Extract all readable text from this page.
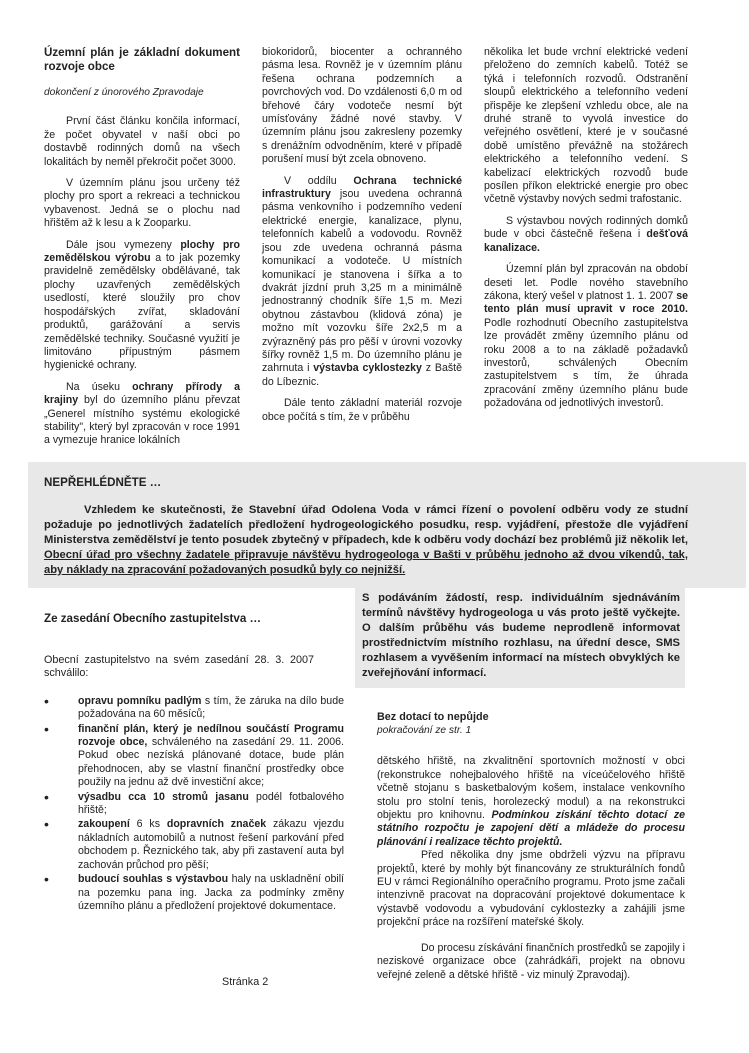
Územní plán je základní dokument rozvoje obce
dokončení z únorového Zpravodaje

První část článku končila informací, že počet obyvatel v naší obci po dostavbě rodinných domů na všech lokalitách by neměl překročit počet 3000.

V územním plánu jsou určeny též plochy pro sport a rekreaci a technickou vybavenost. Jedná se o plochu nad hřištěm až k lesu a k Zooparku.

Dále jsou vymezeny plochy pro zemědělskou výrobu a to jak pozemky pravidelně zemědělsky obdělávané, tak plochy uzavřených zemědělských usedlostí, které sloužily pro chov hospodářských zvířat, skladování produktů, garážování a servis zemědělské techniky. Současné využití je limitováno přípustným pásmem hygienické ochrany.

Na úseku ochrany přírody a krajiny byl do územního plánu převzat „Generel místního systému ekologické stability", který byl zpracován v roce 1991 a vymezuje hranice lokálních

biokoridorů, biocenter a ochranného pásma lesa. Rovněž je v územním plánu řešena ochrana podzemních a povrchových vod. Do vzdálenosti 6,0 m od břehové čáry vodoteče nesmí být umísťovány žádné nové stavby. V územním plánu jsou zakresleny pozemky s drenážním odvodněním, které v případě porušení musí být zcela obnoveno.

V oddílu Ochrana technické infrastruktury jsou uvedena ochranná pásma venkovního i podzemního vedení elektrické energie, kanalizace, plynu, telefonních kabelů a vodovodu. Rovněž jsou zde uvedena ochranná pásma komunikací a vodoteče. U místních komunikací je stanovena i šířka a to dvakrát jízdní pruh 3,25 m a minimálně jednostranný chodník šíře 1,5 m. Mezi obytnou zástavbou (klidová zóna) je možno mít vozovku šíře 2x2,5 m a zvýrazněný pás pro pěší v úrovni vozovky šířky rovněž 1,5 m. Do územního plánu je zahrnuta i výstavba cyklostezky z Baště do Líbeznic.

Dále tento základní materiál rozvoje obce počítá s tím, že v průběhu

několika let bude vrchní elektrické vedení přeloženo do zemních kabelů. Totéž se týká i telefonních rozvodů. Odstranění sloupů elektrického a telefonního vedení přispěje ke zlepšení vzhledu obce, ale na druhé straně to vyvolá investice do veřejného osvětlení, které je v současné době umístěno převážně na stožárech elektrického a telefonního vedení. S kabelizací elektrických rozvodů bude posílen příkon elektrické energie pro obec včetně výstavby nových sedmi trafostanic.

S výstavbou nových rodinných domků bude v obci částečně řešena i dešťová kanalizace.

Územní plán byl zpracován na období deseti let. Podle nového stavebního zákona, který vešel v platnost 1. 1. 2007 se tento plán musí upravit v roce 2010. Podle rozhodnutí Obecního zastupitelstva lze provádět změny územního plánu od roku 2008 a to na základě požadavků investorů, schválených Obecním zastupitelstvem s tím, že úhrada zpracování změny územního plánu bude požadována od jednotlivých investorů.

NEPŘEHLÉDNĚTE …

Vzhledem ke skutečnosti, že Stavební úřad Odolena Voda v rámci řízení o povolení odběru vody ze studní požaduje po jednotlivých žadatelích předložení hydrogeologického posudku, resp. vyjádření, přestože dle vyjádření Ministerstva zemědělství je tento posudek zbytečný v případech, kde k odběru vody dochází bez problémů již několik let, Obecní úřad pro všechny žadatele připravuje návštěvu hydrogeologa v Bašti v průběhu jednoho až dvou víkendů, tak, aby náklady na zpracování požadovaných posudků byly co nejnižší.

S podáváním žádostí, resp. individuálním sjednáváním termínů návštěvy hydrogeologa u vás proto ještě vyčkejte. O dalším průběhu vás budeme neprodleně informovat prostřednictvím místního rozhlasu, na úřední desce, SMS rozhlasem a vyvěšením informací na místech obvyklých ke zveřejňování informací.
Ze zasedání Obecního zastupitelstva …
Obecní zastupitelstvo na svém zasedání 28. 3. 2007 schválilo:
• opravu pomníku padlým s tím, že záruka na dílo bude požadována na 60 měsíců;
• finanční plán, který je nedílnou součástí Programu rozvoje obce, schváleného na zasedání 29. 11. 2006. Pokud obec nezíská plánované dotace, bude plán přehodnocen, aby se vlastní finanční prostředky obce použily na jednu až dvě investiční akce;
• výsadbu cca 10 stromů jasanu podél fotbalového hřiště;
• zakoupení 6 ks dopravních značek zákazu vjezdu nákladních automobilů a nutnost řešení parkování před obchodem p. Řeznického tak, aby při zastavení auta byl zachován průchod pro pěší;
• budoucí souhlas s výstavbou haly na uskladnění obilí na pozemku pana ing. Jacka za podmínky změny územního plánu a předložení projektové dokumentace.
Stránka 2
Bez dotací to nepůjde
pokračování ze str. 1

dětského hřiště, na zkvalitnění sportovních možností v obci (rekonstrukce nohejbalového hřiště na víceúčelového hřiště včetně stojanu s basketbalovým košem, instalace venkovního stolu pro stolní tenis, horolezecký modul) a na rekonstrukci objektu pro knihovnu. Podmínkou získání těchto dotací ze státního rozpočtu je zapojení dětí a mládeže do procesu plánování i realizace těchto projektů.

Před několika dny jsme obdrželi výzvu na přípravu projektů, které by mohly být financovány ze strukturálních fondů EU v rámci Regionálního operačního programu. Proto jsme začali intenzivně pracovat na dopracování projektové dokumentace k výstavbě vodovodu a vybudování cyklostezky a zahájili jsme projekční práce na rozšíření mateřské školy.

Do procesu získávání finančních prostředků se zapojily i neziskové organizace obce (zahrádkáři, projekt na obnovu veřejné zeleně a dětské hřiště - viz minulý Zpravodaj).
